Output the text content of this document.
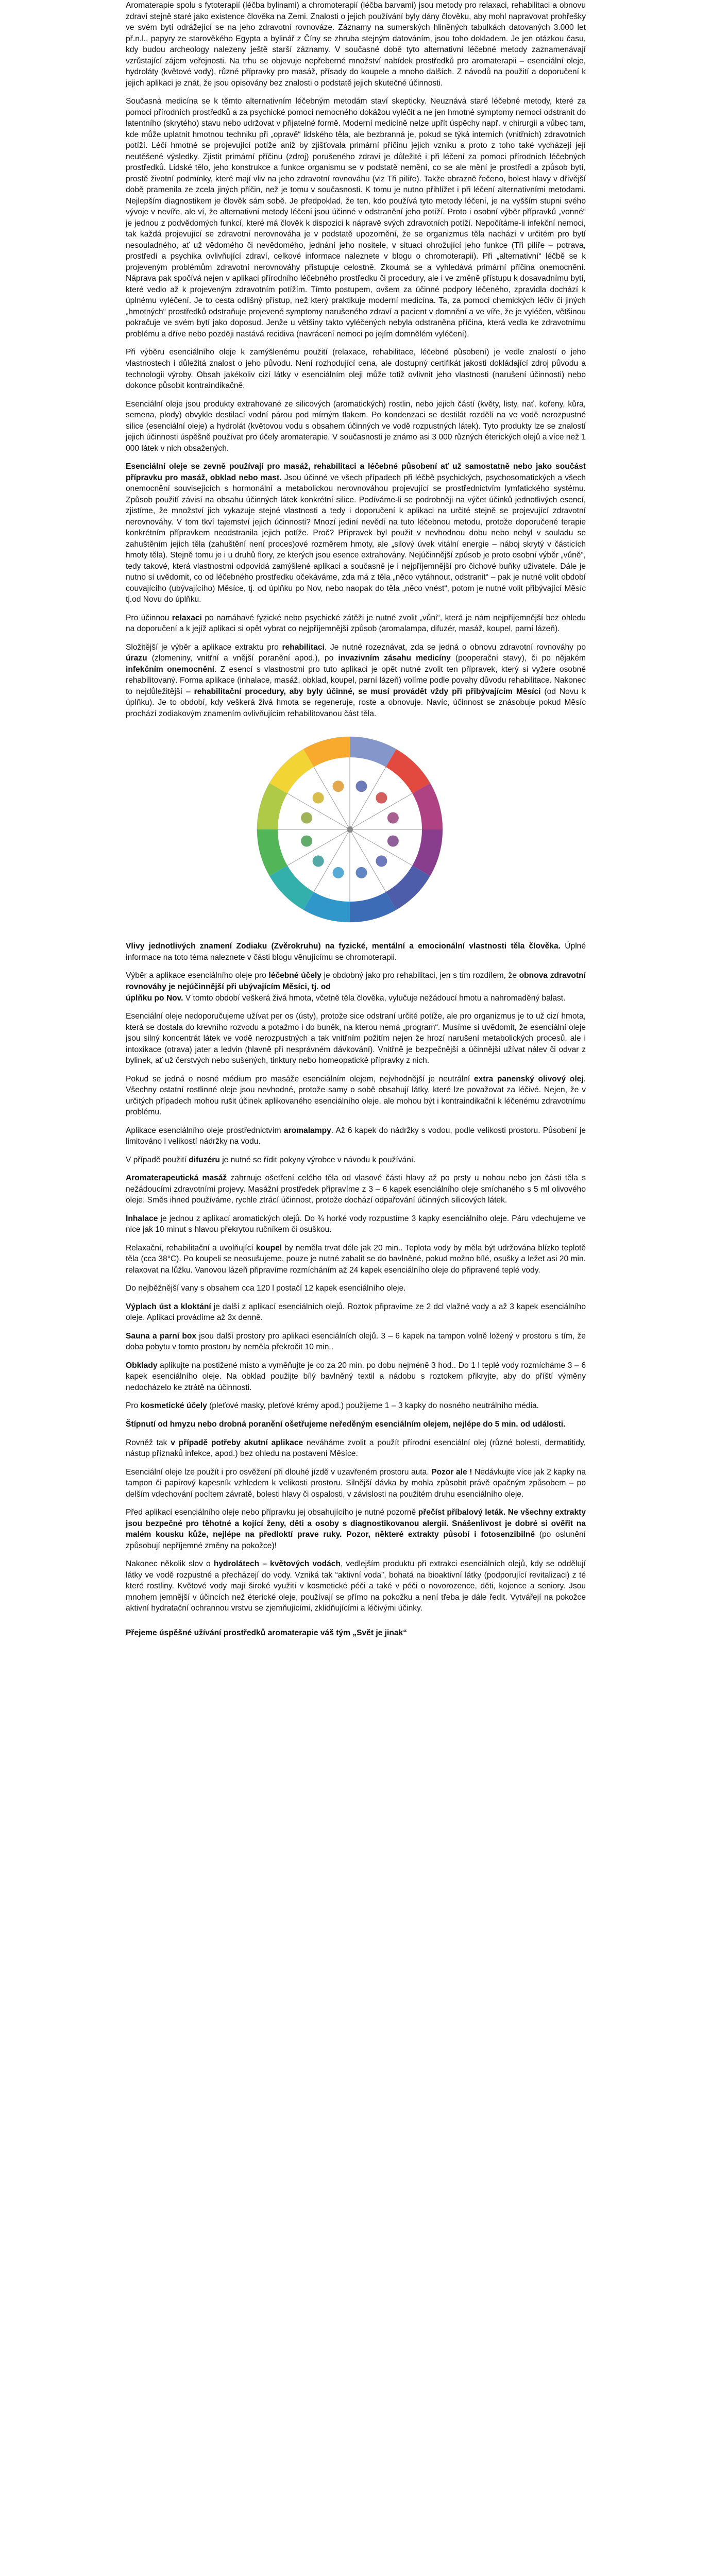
Aromaterapie spolu s fytoterapií (léčba bylinami) a chromoterapií (léčba barvami) jsou metody pro relaxaci, rehabilitaci a obnovu zdraví stejně staré jako existence člověka na Zemi. Znalosti o jejich používání byly dány člověku, aby mohl napravovat prohřešky ve svém bytí odrážející se na jeho zdravotní rovnováze. Záznamy na sumerských hliněných tabulkách datovaných 3.000 let př.n.l., papyry ze starověkého Egypta a bylinář z Číny se zhruba stejným datováním, jsou toho dokladem. Je jen otázkou času, kdy budou archeology nalezeny ještě starší záznamy. V současné době tyto alternativní léčebné metody zaznamenávají vzrůstající zájem veřejnosti. Na trhu se objevuje nepřeberné množství nabídek prostředků pro aromaterapii – esenciální oleje, hydroláty (květové vody), různé přípravky pro masáž, přísady do koupele a mnoho dalších. Z návodů na použití a doporučení k jejich aplikaci je znát, že jsou opisovány bez znalosti o podstatě jejich skutečné účinnosti.

Současná medicína se k těmto alternativním léčebným metodám staví skepticky. Neuznává staré léčebné metody, které za pomoci přírodních prostředků a za psychické pomoci nemocného dokážou vyléčit a ne jen hmotné symptomy nemoci odstranit do latentního (skrytého) stavu nebo udržovat v přijatelné formě. Moderní medicíně nelze upřít úspěchy např. v chirurgii a vůbec tam, kde může uplatnit hmotnou techniku při „opravě“ lidského těla, ale bezbranná je, pokud se týká interních (vnitřních) zdravotních potíží. Léčí hmotné se projevující potíže aniž by zjišťovala primární příčinu jejich vzniku a proto z toho také vycházejí její neutěšené výsledky. Zjistit primární příčinu (zdroj) porušeného zdraví je důležité i při léčení za pomoci přírodních léčebných prostředků. Lidské tělo, jeho konstrukce a funkce organismu se v podstatě nemění, co se ale mění je prostředí a způsob bytí, prostě životní podmínky, které mají vliv na jeho zdravotní rovnováhu (viz Tři pilíře). Takže obrazně řečeno, bolest hlavy v dřívější době pramenila ze zcela jiných příčin, než je tomu v současnosti. K tomu je nutno přihlížet i při léčení alternativními metodami. Nejlepším diagnostikem je člověk sám sobě. Je předpoklad, že ten, kdo používá tyto metody léčení, je na vyšším stupni svého vývoje v nevíře, ale ví, že alternativní metody léčení jsou účinné v odstranění jeho potíží. Proto i osobní výběr přípravků „vonné“ je jednou z podvědomých funkcí, které má člověk k dispozici k nápravě svých zdravotních potíží. Nepočítáme-li infekční nemoci, tak každá projevující se zdravotní nerovnováha je v podstatě upozornění, že se organizmus těla nachází v určitém pro bytí nesouladného, ať už vědomého či nevědomého, jednání jeho nositele, v situaci ohrožující jeho funkce (Tři pilíře – potrava, prostředí a psychika ovlivňující zdraví, celkové informace naleznete v blogu o chromoterapii). Při „alternativní“ léčbě se k projeveným problémům zdravotní nerovnováhy přistupuje celostně. Zkoumá se a vyhledává primární příčina onemocnění. Náprava pak spočívá nejen v aplikaci přírodního léčebného prostředku či procedury, ale i ve změně přístupu k dosavadnímu bytí, které vedlo až k projeveným zdravotním potížím. Tímto postupem, ovšem za účinné podpory léčeného, zpravidla dochází k úplnému vyléčení. Je to cesta odlišný přístup, než který praktikuje moderní medicína. Ta, za pomoci chemických léčiv či jiných „hmotných“ prostředků odstraňuje projevené symptomy narušeného zdraví a pacient v domnění a ve víře, že je vyléčen, většinou pokračuje ve svém bytí jako doposud. Jenže u většiny takto vyléčených nebyla odstraněna příčina, která vedla ke zdravotnímu problému a dříve nebo později nastává recidiva (navrácení nemoci po jejím domnělém vyléčení).

Při výběru esenciálního oleje k zamýšlenému použití (relaxace, rehabilitace, léčebné působení) je vedle znalostí o jeho vlastnostech i důležitá znalost o jeho původu. Není rozhodující cena, ale dostupný certifikát jakosti dokládající zdroj původu a technologii výroby. Obsah jakékoliv cizí látky v esenciálním oleji může totiž ovlivnit jeho vlastnosti (narušení účinnosti) nebo dokonce působit kontraindikačně.

Esenciální oleje jsou produkty extrahované ze silicových (aromatických) rostlin, nebo jejich částí (květy, listy, nať, kořeny, kůra, semena, plody) obvykle destilací vodní párou pod mírným tlakem. Po kondenzaci se destilát rozdělí na ve vodě nerozpustné silice (esenciální oleje) a hydrolát (květovou vodu s obsahem účinných ve vodě rozpustných látek). Tyto produkty lze se znalostí jejich účinnosti úspěšně používat pro účely aromaterapie. V současnosti je známo asi 3 000 různých éterických olejů a více než 1 000 látek v nich obsažených.

Esenciální oleje se zevně používají pro masáž, rehabilitaci a léčebné působení ať už samostatně nebo jako součást přípravku pro masáž, obklad nebo mast. Jsou účinné ve všech případech při léčbě psychických, psychosomatických a všech onemocnění souvisejících s hormonální a metabolickou nerovnováhou projevující se prostřednictvím lymfatického systému. Způsob použití závisí na obsahu účinných látek konkrétní silice. Podívámе-li se podrobněji na výčet účinků jednotlivých esencí, zjistíme, že množství jich vykazuje stejné vlastnosti a tedy i doporučení k aplikaci na určité stejně se projevující zdravotní nerovnováhy. V tom tkví tajemství jejich účinnosti? Mnozí jediní nevědí na tuto léčebnou metodu, protože doporučené terapie konkrétním přípravkem neodstranila jejich potíže. Proč? Přípravek byl použit v nevhodnou dobu nebo nebyl v souladu se zahuštěním jejich těla (zahuštění není proces)ové rozměrem hmoty, ale „silový úvek vitální energie – náboj skrytý v částicích hmoty těla). Stejně tomu je i u druhů flory, ze kterých jsou esence extrahovány. Nejúčinnější způsob je proto osobní výběr „vůně“, tedy takové, která vlastnostmi odpovídá zamýšlené aplikaci a současně je i nejpříjemnější pro čichové buňky uživatele. Dále je nutno si uvědomit, co od léčebného prostředku očekáváme, zda má z těla „něco vytáhnout, odstranit“ – pak je nutné volit období couvajícího (ubývajícího) Měsíce, tj. od úplňku po Nov, nebo naopak do těla „něco vnést“, potom je nutné volit přibývající Měsíc tj.od Novu do úplňku.

Pro účinnou relaxaci po namáhavé fyzické nebo psychické zátěži je nutné zvolit „vůni“, která je nám nejpříjemnější bez ohledu na doporučení a k jejíž aplikaci si opět vybrat co nejpříjemnější způsob (aromalampa, difuzér, masáž, koupel, parní lázeň).

Složitější je výběr a aplikace extraktu pro rehabilitaci. Je nutné rozeznávat, zda se jedná o obnovu zdravotní rovnováhy po úrazu (zlomeniny, vnitřní a vnější poranění apod.), po invazivním zásahu medicíny (pooperační stavy), či po nějakém infekčním onemocnění. Z esencí s vlastnostmi pro tuto aplikaci je opět nutné zvolit ten přípravek, který si vyžere osobně rehabilitovaný. Forma aplikace (inhalace, masáž, obklad, koupel, parní lázeň) volíme podle povahy důvodu rehabilitace. Nakonec to nejdůležitější – rehabilitační procedury, aby byly účinné, se musí provádět vždy při přibývajícím Měsíci (od Novu k úplňku). Je to období, kdy veškerá živá hmota se regeneruje, roste a obnovuje. Navíc, účinnost se znásobuje pokud Měsíc prochází zodiakovým znamením ovlivňujícím rehabilitovanou část těla.

Vlivy jednotlivých znamení Zodiaku (Zvěrokruhu) na fyzické, mentální a emocionální vlastnosti těla člověka. Úplné informace na toto téma naleznete v části blogu věnujícímu se chromoterapii.

Výběr a aplikace esenciálního oleje pro léčebné účely je obdobný jako pro rehabilitaci, jen s tím rozdílem, že obnova zdravotní rovnováhy je nejúčinnější při ubývajícím Měsíci, tj. od

úplňku po Nov. V tomto období veškerá živá hmota, včetně těla člověka, vylučuje nežádoucí hmotu a nahromaděný balast.

Esenciální oleje nedoporučujeme užívat per os (ústy), protože sice odstraní určité potíže, ale pro organizmus je to už cizí hmota, která se dostala do krevního rozvodu a potažmo i do buněk, na kterou nemá „program“. Musíme si uvědomit, že esenciální oleje jsou silný koncentrát látek ve vodě nerozpustných a tak vnitřním požitím nejen že hrozí narušení metabolických procesů, ale i intoxikace (otrava) jater a ledvin (hlavně při nesprávném dávkování). Vnitřně je bezpečnější a účinnější užívat nálev či odvar z bylinek, ať už čerstvých nebo sušených, tinktury nebo homeopatické přípravky z nich.

Pokud se jedná o nosné médium pro masáže esenciálním olejem, nejvhodnější je neutrální extra panenský olivový olej. Všechny ostatní rostlinné oleje jsou nevhodné, protože samy o sobě obsahují látky, které lze považovat za léčivé. Nejen, že v určitých případech mohou rušit účinek aplikovaného esenciálního oleje, ale mohou být i kontraindikační k léčenému zdravotnímu problému.

Aplikace esenciálního oleje prostřednictvím aromalampy. Až 6 kapek do nádržky s vodou, podle velikosti prostoru. Působení je limitováno i velikostí nádržky na vodu.

V případě použití difuzéru je nutné se řídit pokyny výrobce v návodu k používání.

Aromaterapeutická masáž zahrnuje ošetření celého těla od vlasové části hlavy až po prsty u nohou nebo jen části těla s nežádoucími zdravotními projevy. Masážní prostředek připravíme z 3 – 6 kapek esenciálního oleje smíchaného s 5 ml olivového oleje. Směs ihned používáme, rychle ztrácí účinnost, protože dochází odpařování účinných silicových látek.

Inhalace je jednou z aplikací aromatických olejů. Do ¾ horké vody rozpustíme 3 kapky esenciálního oleje. Páru vdechujeme ve nice jak 10 minut s hlavou překrytou ručníkem či osuškou.

Relaxační, rehabilitační a uvolňující koupel by neměla trvat déle jak 20 min.. Teplota vody by měla být udržována blízko teplotě těla (cca 38°C). Po koupeli se neosušujeme, pouze je nutné zabalit se do bavlněné, pokud možno bílé, osušky a ležet asi 20 min. relaxovat na lůžku. Vanovou lázeň připravíme rozmícháním až 24 kapek esenciálního oleje do připravené teplé vody.

Do nejběžnější vany s obsahem cca 120 l postačí 12 kapek esenciálního oleje.

Výplach úst a kloktání je další z aplikací esenciálních olejů. Roztok připravíme ze 2 dcl vlažné vody a až 3 kapek esenciálního oleje. Aplikaci provádíme až 3x denně.

Sauna a parní box jsou další prostory pro aplikaci esenciálních olejů. 3 – 6 kapek na tampon volně ložený v prostoru s tím, že doba pobytu v tomto prostoru by neměla překročit 10 min..

Obklady aplikujte na postižené místo a vyměňujte je co za 20 min. po dobu nejméně 3 hod.. Do 1 l teplé vody rozmícháme 3 – 6 kapek esenciálního oleje. Na obklad použijte bílý bavlněný textil a nádobu s roztokem přikryjte, aby do příští výměny nedocházelo ke ztrátě na účinnosti.

Pro kosmetické účely (pleťové masky, pleťové krémy apod.) použijeme 1 – 3 kapky do nosného neutrálního média.

Štípnutí od hmyzu nebo drobná poranění ošetřujeme neředěným esenciálním olejem, nejlépe do 5 min. od události.

Rovněž tak v případě potřeby akutní aplikace neváháme zvolit a použít přírodní esenciální olej (různé bolesti, dermatitidy, nástup příznaků infekce, apod.) bez ohledu na postavení Měsíce.

Esenciální oleje lze použít i pro osvěžení při dlouhé jízdě v uzavřeném prostoru auta. Pozor ale ! Nedávkujte více jak 2 kapky na tampon či papírový kapesník vzhledem k velikosti prostoru. Silnější dávka by mohla způsobit právě opačným způsobem – po delším vdechování pocítem závratě, bolesti hlavy či ospalosti, v závislosti na použitém druhu esenciálního oleje.

Před aplikací esenciálního oleje nebo přípravku jej obsahujícího je nutné pozorně přečíst příbalový leták. Ne všechny extrakty jsou bezpečné pro těhotné a kojící ženy, děti a osoby s diagnostikovanou alergií. Snášenlivost je dobré si ověřit na malém kousku kůže, nejlépe na předloktí prave ruky. Pozor, některé extrakty působí i fotosenzibilně (po oslunění způsobují nepříjemné změny na pokožce)!

Nakonec několik slov o hydrolátech – květových vodách, vedlejším produktu při extrakci esenciálních olejů, kdy se oddělují látky ve vodě rozpustné a přecházejí do vody. Vzniká tak “aktivní voda”, bohatá na bioaktivní látky (podporující revitalizaci) z té které rostliny. Květové vody mají široké využití v kosmetické péči a také v péči o novorozence, děti, kojence a seniory. Jsou mnohem jemnější v účincích než éterické oleje, používají se přímo na pokožku a není třeba je dále ředit. Vytvářejí na pokožce aktivní hydratační ochrannou vrstvu se zjemňujícími, zklidňujícími a léčivými účinky.

Přejeme úspěšné užívání prostředků aromaterapie váš tým „Svět je jinak“
